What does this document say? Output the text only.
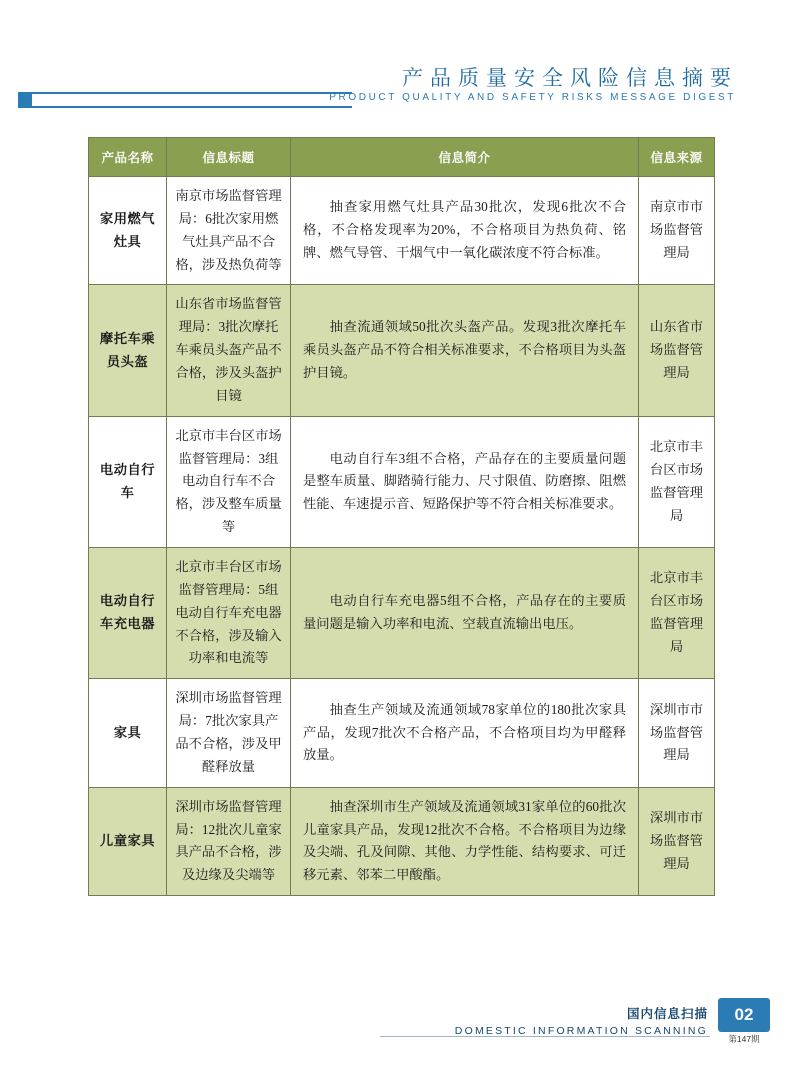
产品质量安全风险信息摘要
PRODUCT QUALITY AND SAFETY RISKS MESSAGE DIGEST
产品名称	信息标题	信息简介	信息来源
家用燃气灶具	南京市场监督管理局：6批次家用燃气灶具产品不合格，涉及热负荷等	抽查家用燃气灶具产品30批次，发现6批次不合格，不合格发现率为20%，不合格项目为热负荷、铭牌、燃气导管、干烟气中一氧化碳浓度不符合标准。	南京市市场监督管理局
摩托车乘员头盔	山东省市场监督管理局：3批次摩托车乘员头盔产品不合格，涉及头盔护目镜	抽查流通领域50批次头盔产品。发现3批次摩托车乘员头盔产品不符合相关标准要求，不合格项目为头盔护目镜。	山东省市场监督管理局
电动自行车	北京市丰台区市场监督管理局：3组电动自行车不合格，涉及整车质量等	电动自行车3组不合格，产品存在的主要质量问题是整车质量、脚踏骑行能力、尺寸限值、防磨擦、阻燃性能、车速提示音、短路保护等不符合相关标准要求。	北京市丰台区市场监督管理局
电动自行车充电器	北京市丰台区市场监督管理局：5组电动自行车充电器不合格，涉及输入功率和电流等	电动自行车充电器5组不合格，产品存在的主要质量问题是输入功率和电流、空载直流输出电压。	北京市丰台区市场监督管理局
家具	深圳市场监督管理局：7批次家具产品不合格，涉及甲醛释放量	抽查生产领域及流通领域78家单位的180批次家具产品，发现7批次不合格产品，不合格项目均为甲醛释放量。	深圳市市场监督管理局
儿童家具	深圳市场监督管理局：12批次儿童家具产品不合格，涉及边缘及尖端等	抽查深圳市生产领域及流通领域31家单位的60批次儿童家具产品，发现12批次不合格。不合格项目为边缘及尖端、孔及间隙、其他、力学性能、结构要求、可迁移元素、邻苯二甲酸酯。	深圳市市场监督管理局
国内信息扫描
DOMESTIC INFORMATION SCANNING
02
第147期
